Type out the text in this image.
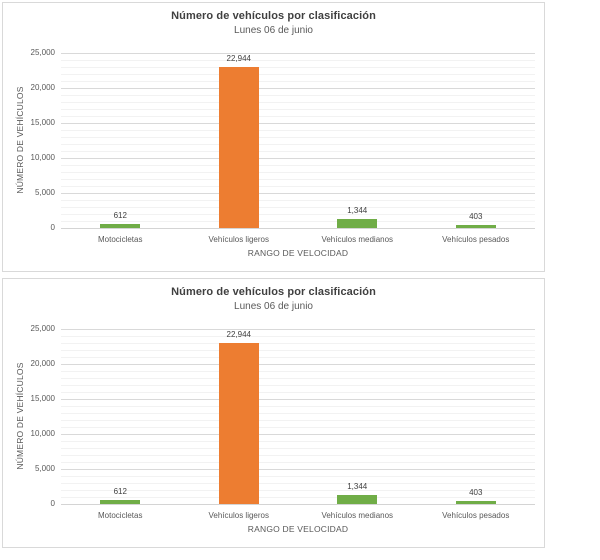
Número de vehículos por clasificación
Lunes 06 de junio
0
5,000
10,000
15,000
20,000
25,000
612
Motocicletas
22,944
Vehículos ligeros
1,344
Vehículos medianos
403
Vehículos pesados
RANGO DE VELOCIDAD
NÚMERO DE VEHÍCULOS
Número de vehículos por clasificación
Lunes 06 de junio
0
5,000
10,000
15,000
20,000
25,000
612
Motocicletas
22,944
Vehículos ligeros
1,344
Vehículos medianos
403
Vehículos pesados
RANGO DE VELOCIDAD
NÚMERO DE VEHÍCULOS
